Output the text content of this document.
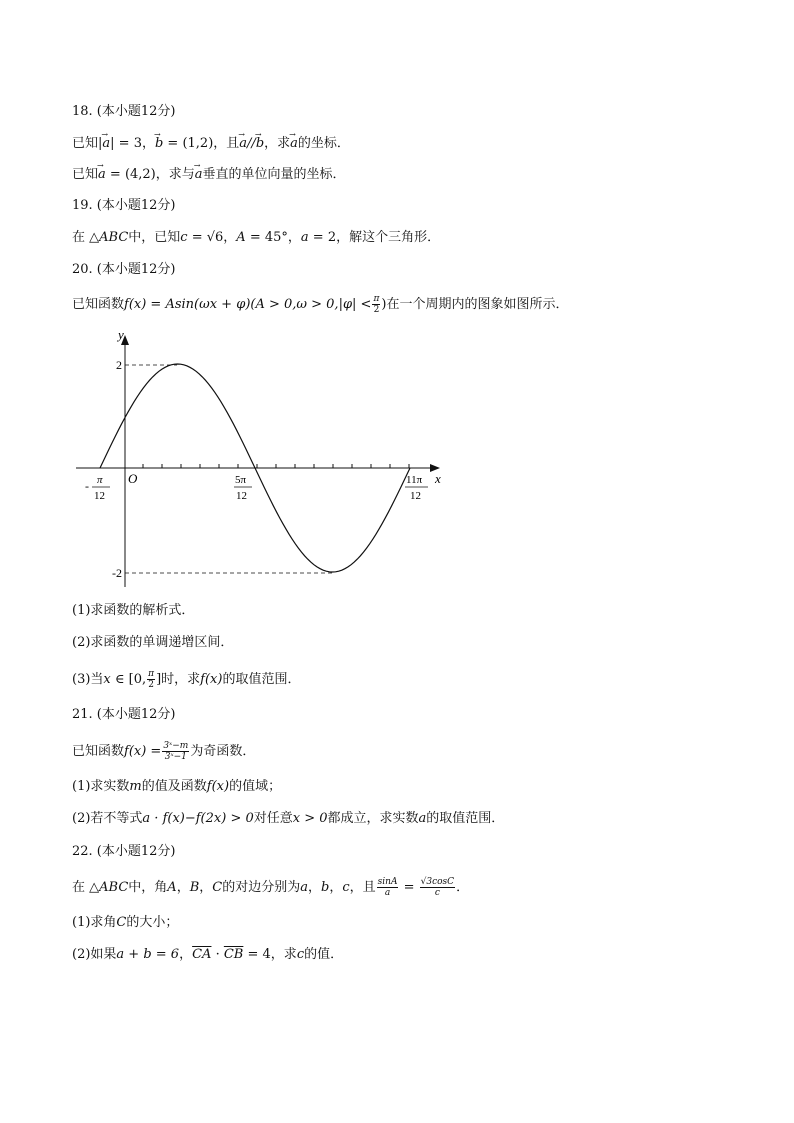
18. (本小题12分)
已知|→ a| = 3，→ b = (1,2)，且→ a//→ b，求→ a的坐标．
已知→ a = (4,2)，求与→ a垂直的单位向量的坐标．
19. (本小题12分)
在 △ABC中，已知c = √6，A = 45°，a = 2，解这个三角形．
20. (本小题12分)
已知函数$f(x) = Asin(\omega x + \varphi)(A > 0,\omega > 0,|\varphi| < \frac{\pi}{2}$ )在一个周期内的图象如图所示．
y
x
O
2
-2
- π
12
5π
12
11π
12
(1)求函数的解析式．
(2)求函数的单调递增区间．
(3)当x ∈ [0, $\frac{\pi}{2}$ ]时，求f(x)的取值范围．
21. (本小题12分)
已知函数$f(x) = \frac{\text{3ˣ−m}}{\text{3ˣ−1}}$ 为奇函数．
(1)求实数m的值及函数f(x)的值域；
(2)若不等式a · f(x)−f(2x) > 0对任意x > 0都成立，求实数a的取值范围．
22. (本小题12分)
在 △ABC中，角A，B，C的对边分别为a，b，c，且 $\frac{\sin A}{a} = \frac{√3\cos C}{c}$ ．
(1)求角C的大小；
(2)如果a + b = 6，$\overline{CA} \cdot \overline{CB} = 4$，求c的值．
